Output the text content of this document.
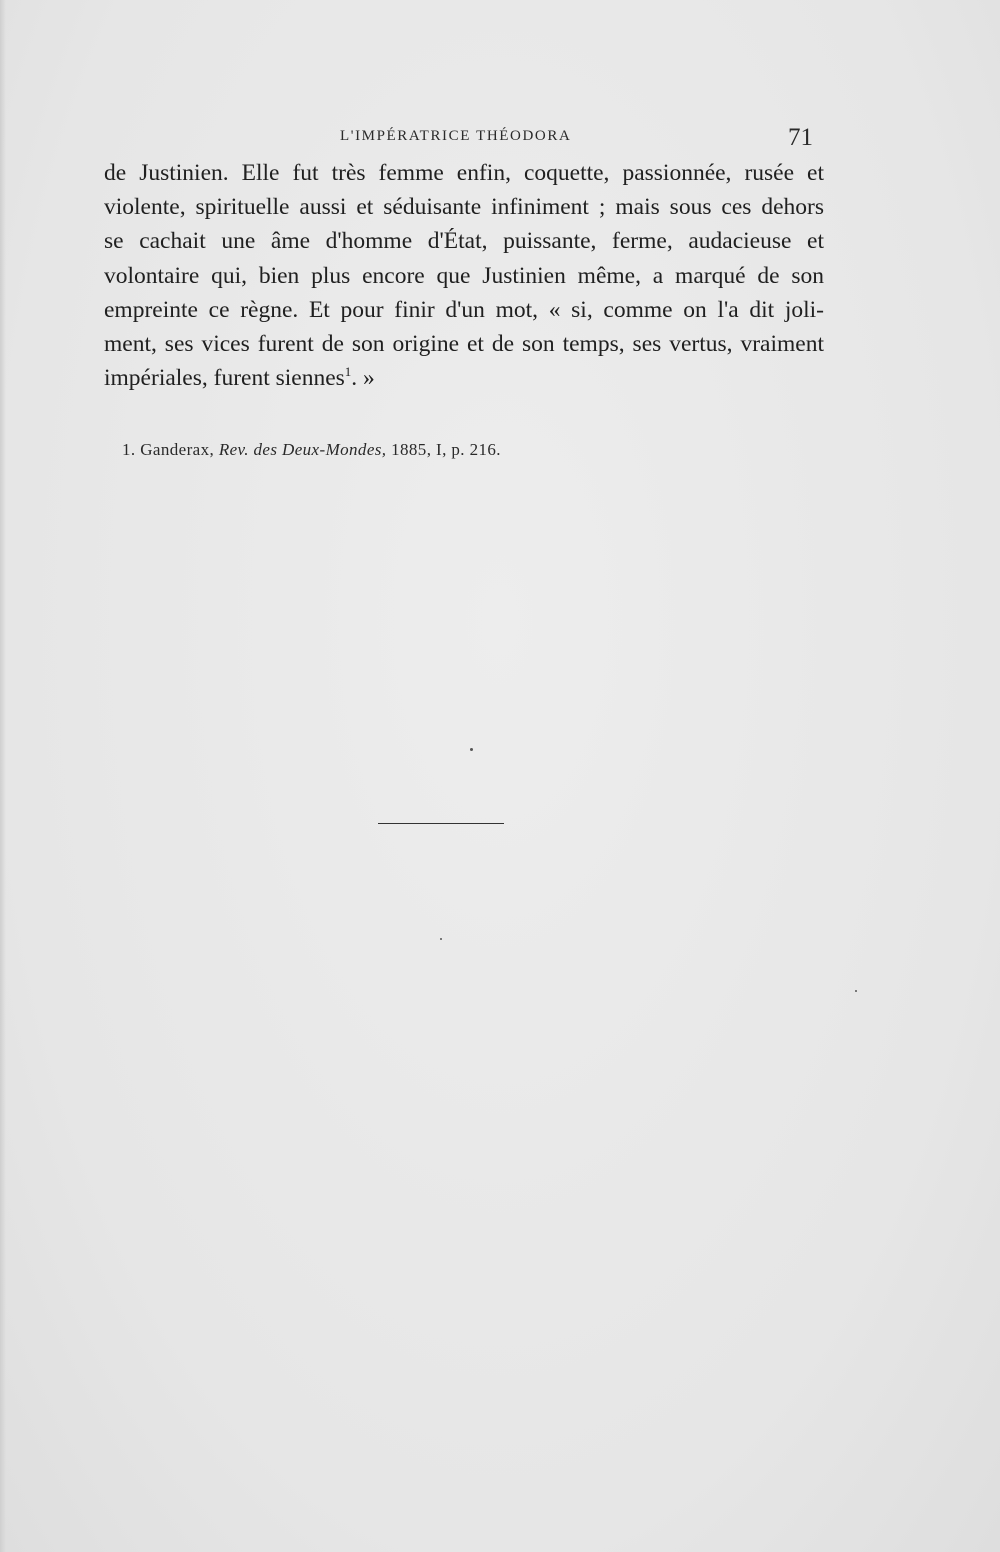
L'IMPÉRATRICE THÉODORA	71
de Justinien. Elle fut très femme enfin, coquette, passionnée, rusée et
violente, spirituelle aussi et séduisante infiniment ; mais sous ces dehors
se cachait une âme d'homme d'État, puissante, ferme, audacieuse et
volontaire qui, bien plus encore que Justinien même, a marqué de son
empreinte ce règne. Et pour finir d'un mot, « si, comme on l'a dit joli-
ment, ses vices furent de son origine et de son temps, ses vertus, vraiment
impériales, furent siennes$^1$. »
1. Ganderax, Rev. des Deux-Mondes, 1885, I, p. 216.
